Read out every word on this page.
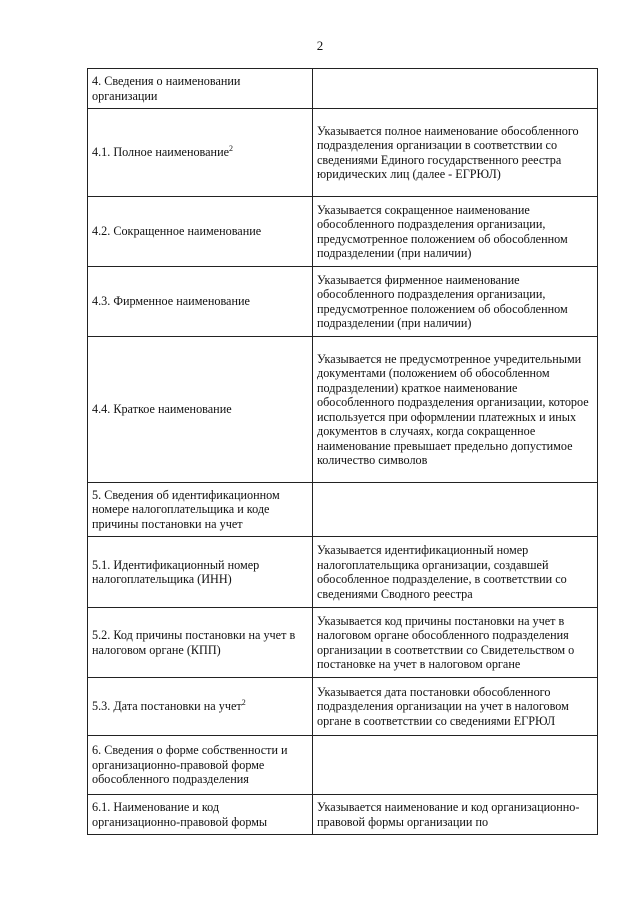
2
4. Сведения о наименовании организации	
4.1. Полное наименование$^2$	Указывается полное наименование обособленного подразделения организации в соответствии со сведениями Единого государственного реестра юридических лиц (далее - ЕГРЮЛ)
4.2. Сокращенное наименование	Указывается сокращенное наименование обособленного подразделения организации, предусмотренное положением об обособленном подразделении (при наличии)
4.3. Фирменное наименование	Указывается фирменное наименование обособленного подразделения организации, предусмотренное положением об обособленном подразделении (при наличии)
4.4. Краткое наименование	Указывается не предусмотренное учредительными документами (положением об обособленном подразделении) краткое наименование обособленного подразделения организации, которое используется при оформлении платежных и иных документов в случаях, когда сокращенное наименование превышает предельно допустимое количество символов
5. Сведения об идентификационном номере налогоплательщика и коде причины постановки на учет	
5.1. Идентификационный номер налогоплательщика (ИНН)	Указывается идентификационный номер налогоплательщика организации, создавшей обособленное подразделение, в соответствии со сведениями Сводного реестра
5.2. Код причины постановки на учет в налоговом органе (КПП)	Указывается код причины постановки на учет в налоговом органе обособленного подразделения организации в соответствии со Свидетельством о постановке на учет в налоговом органе
5.3. Дата постановки на учет$^2$	Указывается дата постановки обособленного подразделения организации на учет в налоговом органе в соответствии со сведениями ЕГРЮЛ
6. Сведения о форме собственности и организационно-правовой форме обособленного подразделения	
6.1. Наименование и код организационно-правовой формы	Указывается наименование и код организационно-правовой формы организации по
